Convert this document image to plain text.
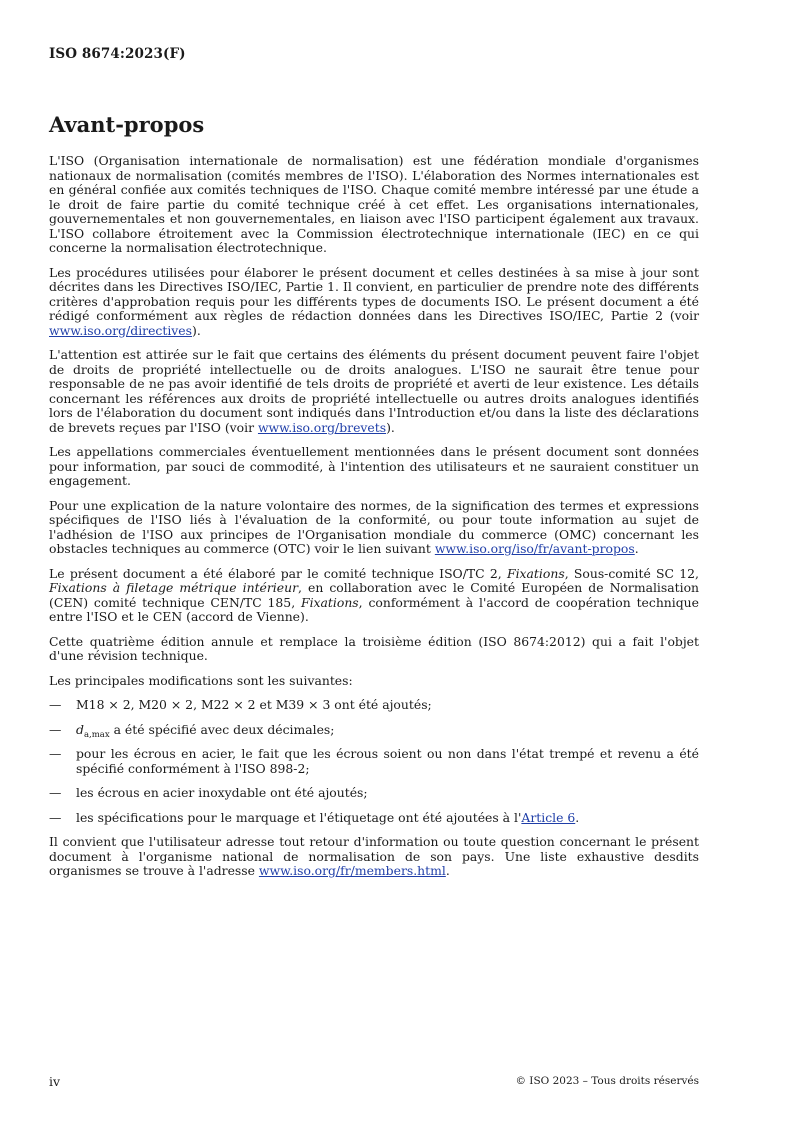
ISO 8674:2023(F)
Avant-propos

L'ISO (Organisation internationale de normalisation) est une fédération mondiale d'organismes nationaux de normalisation (comités membres de l'ISO). L'élaboration des Normes internationales est en général confiée aux comités techniques de l'ISO. Chaque comité membre intéressé par une étude a le droit de faire partie du comité technique créé à cet effet. Les organisations internationales, gouvernementales et non gouvernementales, en liaison avec l'ISO participent également aux travaux. L'ISO collabore étroitement avec la Commission électrotechnique internationale (IEC) en ce qui concerne la normalisation électrotechnique.

Les procédures utilisées pour élaborer le présent document et celles destinées à sa mise à jour sont décrites dans les Directives ISO/IEC, Partie 1. Il convient, en particulier de prendre note des différents critères d'approbation requis pour les différents types de documents ISO. Le présent document a été rédigé conformément aux règles de rédaction données dans les Directives ISO/IEC, Partie 2 (voir www.iso.org/directives).

L'attention est attirée sur le fait que certains des éléments du présent document peuvent faire l'objet de droits de propriété intellectuelle ou de droits analogues. L'ISO ne saurait être tenue pour responsable de ne pas avoir identifié de tels droits de propriété et averti de leur existence. Les détails concernant les références aux droits de propriété intellectuelle ou autres droits analogues identifiés lors de l'élaboration du document sont indiqués dans l'Introduction et/ou dans la liste des déclarations de brevets reçues par l'ISO (voir www.iso.org/brevets).

Les appellations commerciales éventuellement mentionnées dans le présent document sont données pour information, par souci de commodité, à l'intention des utilisateurs et ne sauraient constituer un engagement.

Pour une explication de la nature volontaire des normes, de la signification des termes et expressions spécifiques de l'ISO liés à l'évaluation de la conformité, ou pour toute information au sujet de l'adhésion de l'ISO aux principes de l'Organisation mondiale du commerce (OMC) concernant les obstacles techniques au commerce (OTC) voir le lien suivant www.iso.org/iso/fr/avant-propos.

Le présent document a été élaboré par le comité technique ISO/TC 2, Fixations, Sous-comité SC 12, Fixations à filetage métrique intérieur, en collaboration avec le Comité Européen de Normalisation (CEN) comité technique CEN/TC 185, Fixations, conformément à l'accord de coopération technique entre l'ISO et le CEN (accord de Vienne).

Cette quatrième édition annule et remplace la troisième édition (ISO 8674:2012) qui a fait l'objet d'une révision technique.

Les principales modifications sont les suivantes:

—	M18 × 2, M20 × 2, M22 × 2 et M39 × 3 ont été ajoutés;
—	$d_{a,max}$ a été spécifié avec deux décimales;
—	pour les écrous en acier, le fait que les écrous soient ou non dans l'état trempé et revenu a été spécifié conformément à l'ISO 898-2;
—	les écrous en acier inoxydable ont été ajoutés;
—	les spécifications pour le marquage et l'étiquetage ont été ajoutées à l'Article 6.

Il convient que l'utilisateur adresse tout retour d'information ou toute question concernant le présent document à l'organisme national de normalisation de son pays. Une liste exhaustive desdits organismes se trouve à l'adresse www.iso.org/fr/members.html.

iv	© ISO 2023 – Tous droits réservés
